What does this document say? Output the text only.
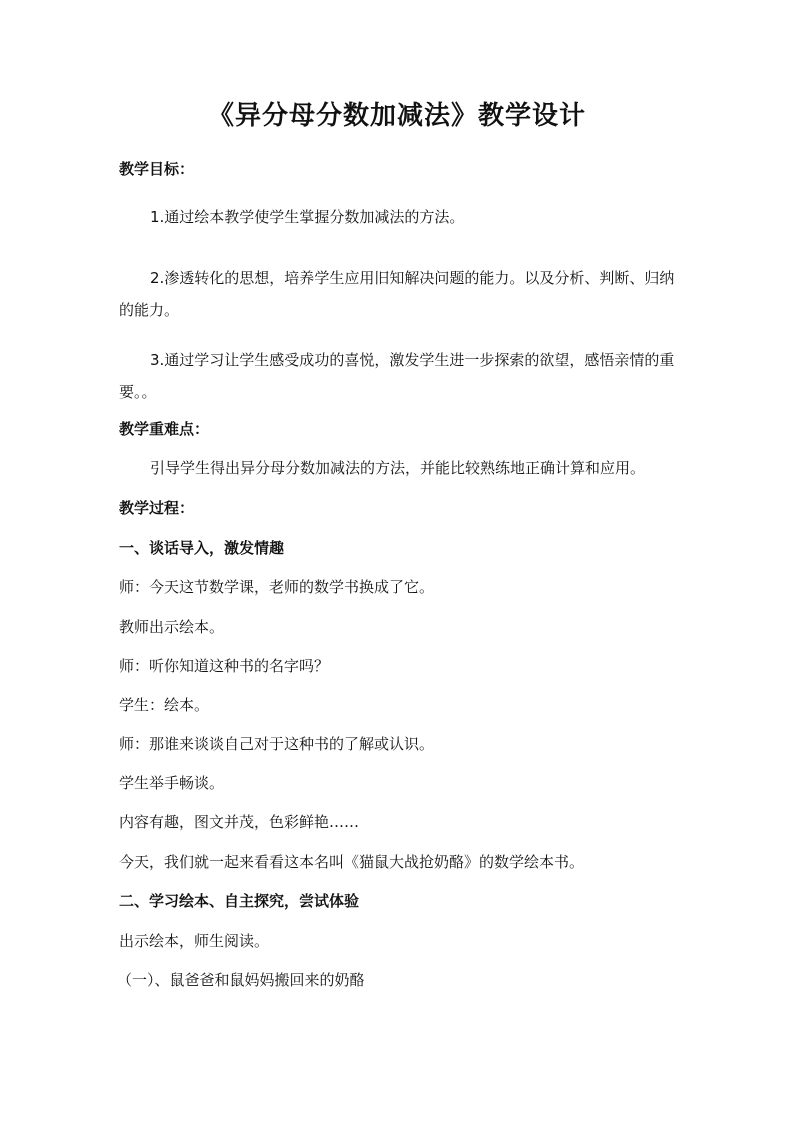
《异分母分数加减法》教学设计
教学目标：
1.通过绘本教学使学生掌握分数加减法的方法。
2.渗透转化的思想，培养学生应用旧知解决问题的能力。以及分析、判断、归纳的能力。
3.通过学习让学生感受成功的喜悦，激发学生进一步探索的欲望，感悟亲情的重要。。
教学重难点：
引导学生得出异分母分数加减法的方法，并能比较熟练地正确计算和应用。
教学过程：
一、谈话导入，激发情趣
师：今天这节数学课，老师的数学书换成了它。
教师出示绘本。
师：听你知道这种书的名字吗？
学生：绘本。
师：那谁来谈谈自己对于这种书的了解或认识。
学生举手畅谈。
内容有趣，图文并茂，色彩鲜艳……
今天，我们就一起来看看这本名叫《猫鼠大战抢奶酪》的数学绘本书。
二、学习绘本、自主探究，尝试体验
出示绘本，师生阅读。
（一）、鼠爸爸和鼠妈妈搬回来的奶酪
